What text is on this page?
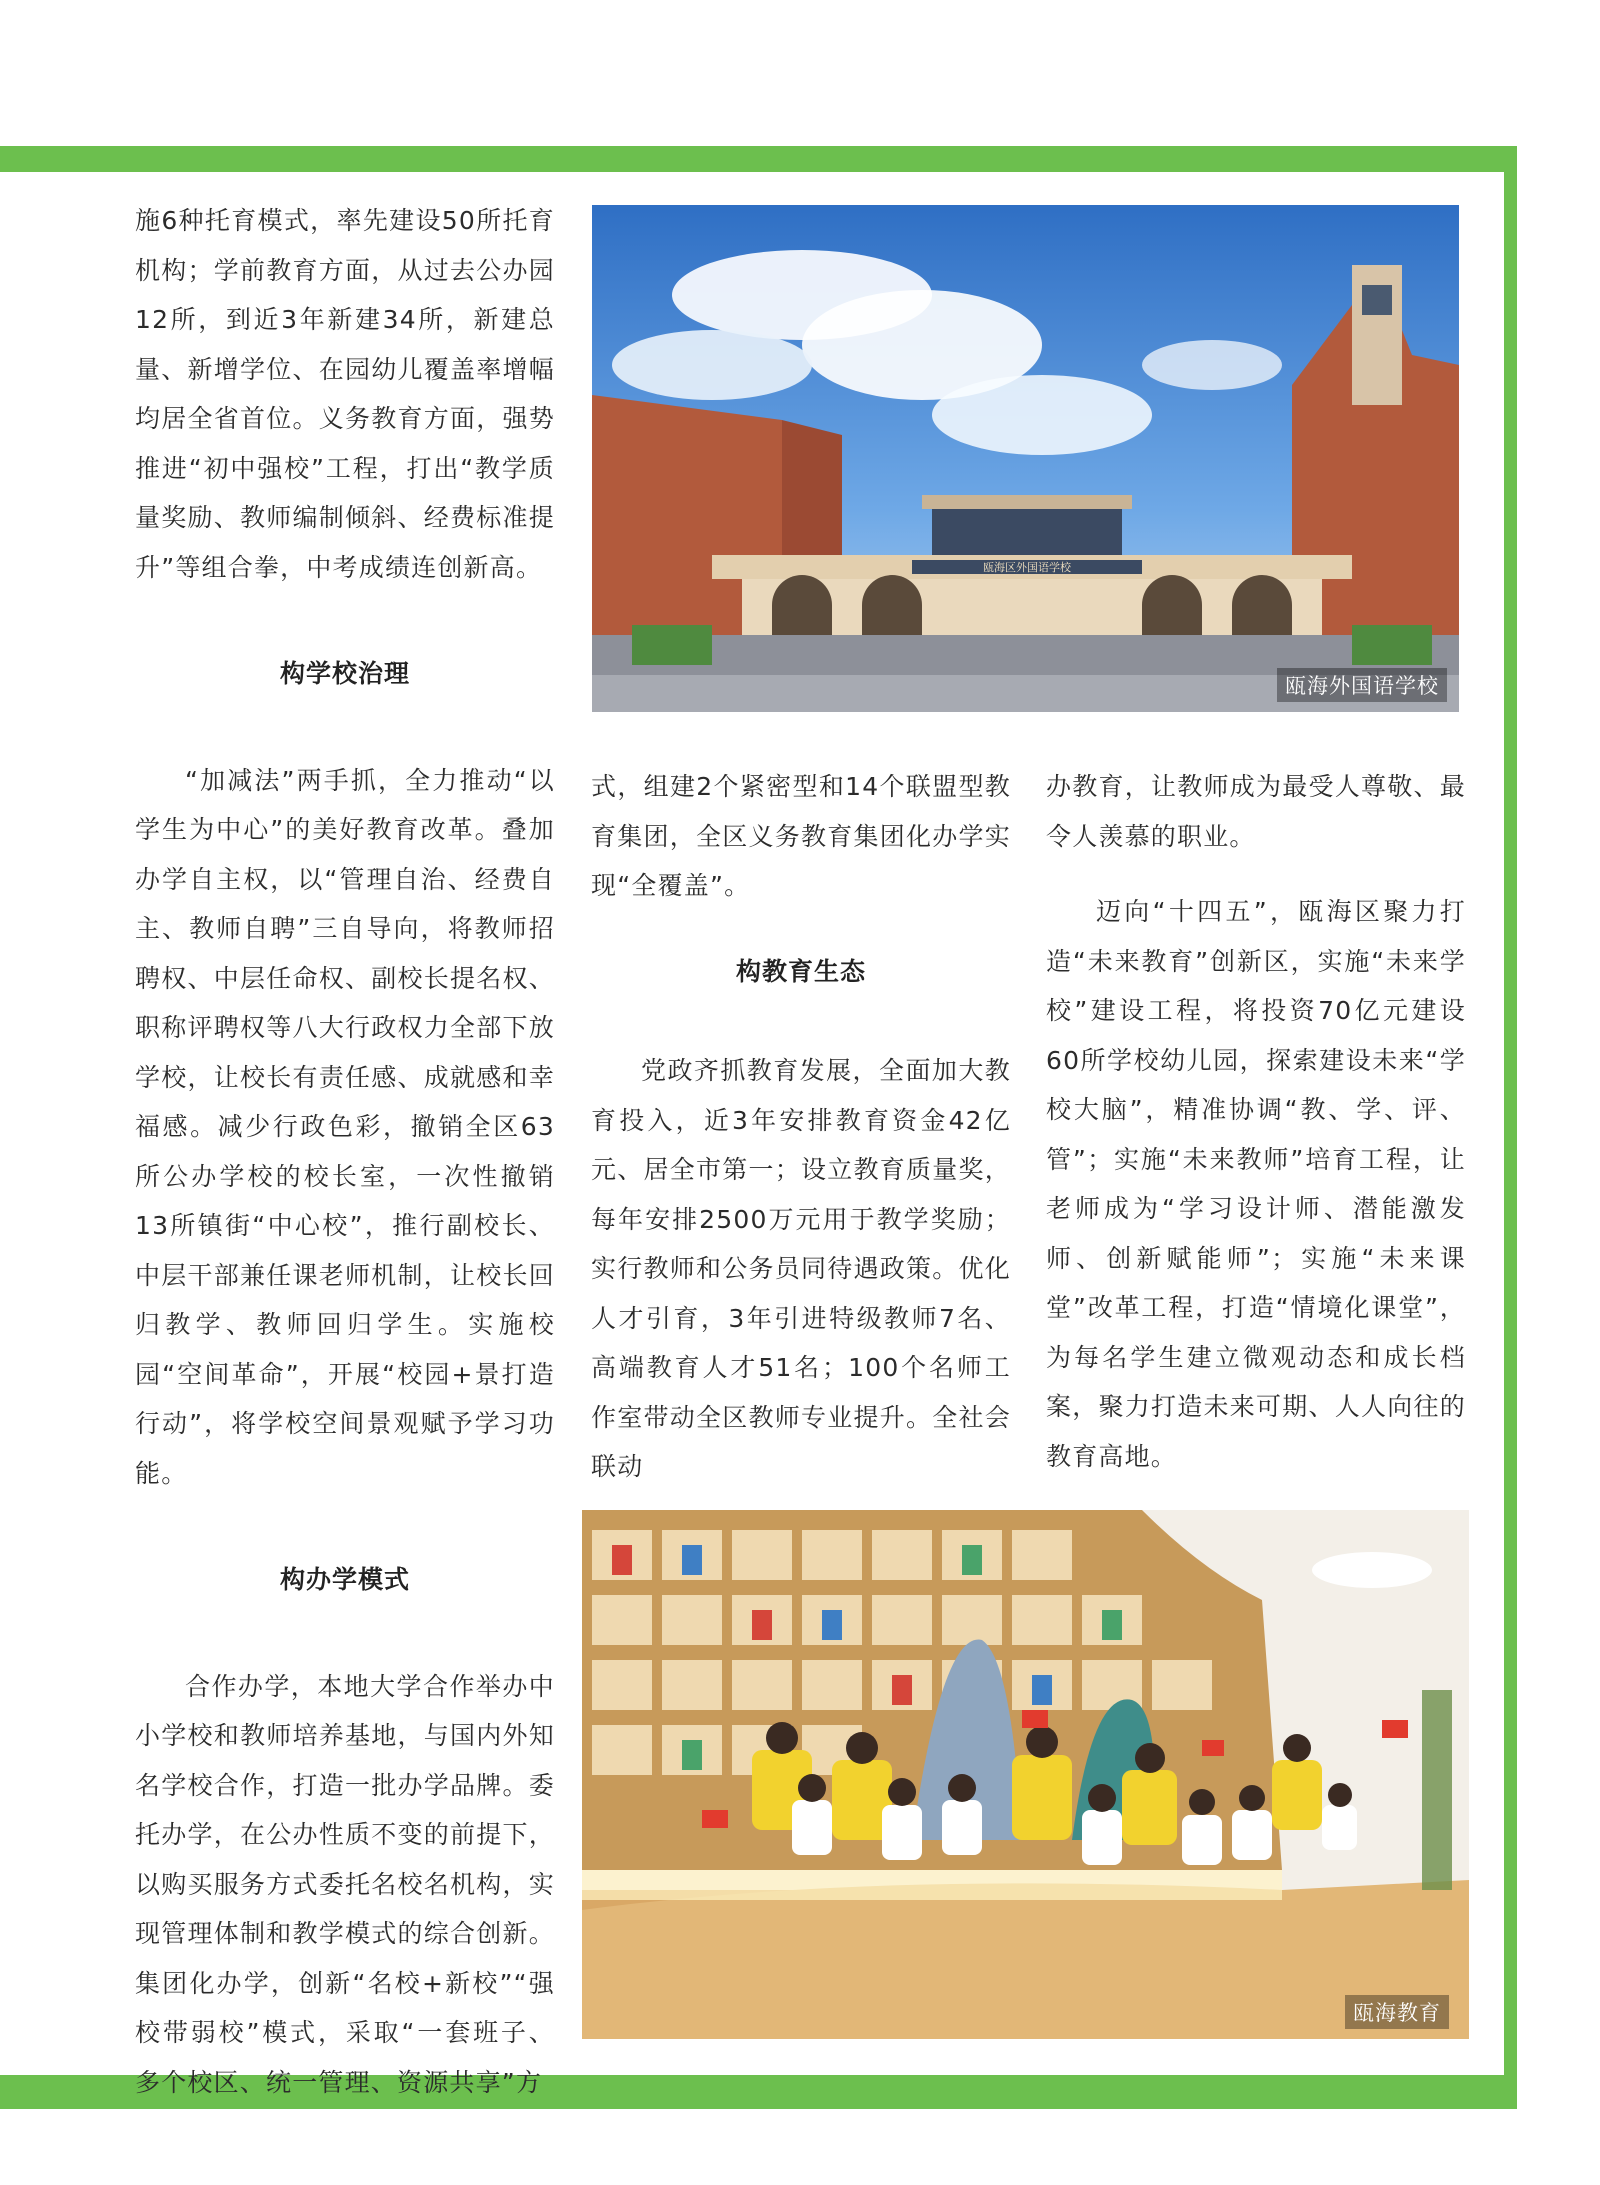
施6种托育模式，率先建设50所托育机构；学前教育方面，从过去公办园12所，到近3年新建34所，新建总量、新增学位、在园幼儿覆盖率增幅均居全省首位。义务教育方面，强势推进“初中强校”工程，打出“教学质量奖励、教师编制倾斜、经费标准提升”等组合拳，中考成绩连创新高。

构学校治理

“加减法”两手抓，全力推动“以学生为中心”的美好教育改革。叠加办学自主权，以“管理自治、经费自主、教师自聘”三自导向，将教师招聘权、中层任命权、副校长提名权、职称评聘权等八大行政权力全部下放学校，让校长有责任感、成就感和幸福感。减少行政色彩，撤销全区63所公办学校的校长室，一次性撤销13所镇街“中心校”，推行副校长、中层干部兼任课老师机制，让校长回归教学、教师回归学生。实施校园“空间革命”，开展“校园+景打造行动”，将学校空间景观赋予学习功能。

构办学模式

合作办学，本地大学合作举办中小学校和教师培养基地，与国内外知名学校合作，打造一批办学品牌。委托办学，在公办性质不变的前提下，以购买服务方式委托名校名机构，实现管理体制和教学模式的综合创新。集团化办学，创新“名校+新校”“强校带弱校”模式，采取“一套班子、多个校区、统一管理、资源共享”方

式，组建2个紧密型和14个联盟型教育集团，全区义务教育集团化办学实现“全覆盖”。

构教育生态

党政齐抓教育发展，全面加大教育投入，近3年安排教育资金42亿元、居全市第一；设立教育质量奖，每年安排2500万元用于教学奖励；实行教师和公务员同待遇政策。优化人才引育，3年引进特级教师7名、高端教育人才51名；100个名师工作室带动全区教师专业提升。全社会联动

办教育，让教师成为最受人尊敬、最令人羡慕的职业。

迈向“十四五”，瓯海区聚力打造“未来教育”创新区，实施“未来学校”建设工程，将投资70亿元建设60所学校幼儿园，探索建设未来“学校大脑”，精准协调“教、学、评、管”；实施“未来教师”培育工程，让老师成为“学习设计师、潜能激发师、创新赋能师”；实施“未来课堂”改革工程，打造“情境化课堂”，为每名学生建立微观动态和成长档案，聚力打造未来可期、人人向往的教育高地。

瓯海区外国语学校
瓯海外国语学校
瓯海教育
